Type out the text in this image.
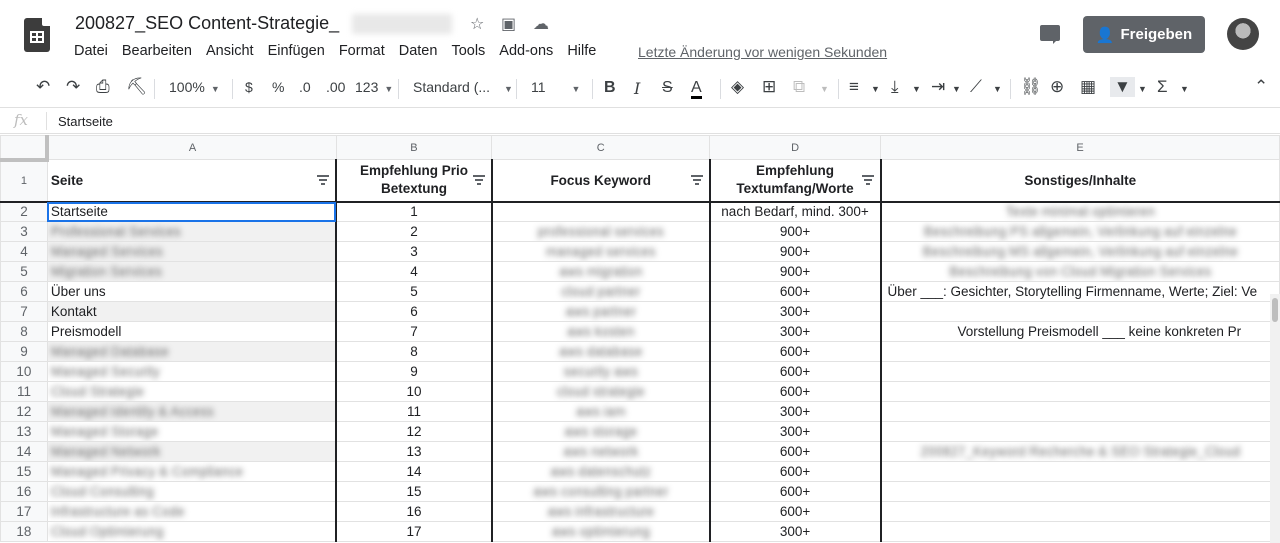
200827_SEO Content-Strategie_	☆ ▣ ☁
Datei Bearbeiten Ansicht Einfügen Format Daten Tools Add-ons Hilfe	Letzte Änderung vor wenigen Sekunden
👤 Freigeben
↶ ↷ ⎙ ⛏ 100% ▼ $ % .0 .00 123 ▼ Standard (... ▼ 11	▼ B I S A ◈ ⊞ ⧉ ▼ ≡ ▼ ⤓ ▼ ⇥ ▼ ⟋ ▼ ⛓ ⊕ ▦ ▼ ▼ Σ ▼	⌃
fx Startseite
	A	B	C	D	E
1	Seite	Empfehlung Prio Betextung	Focus Keyword	Empfehlung Textumfang/Worte	Sonstiges/Inhalte
2	Startseite	1		nach Bedarf, mind. 300+	Texte minimal optimieren
3	Professional Services	2	professional services	900+	Beschreibung PS allgemein, Verlinkung auf einzelne
4	Managed Services	3	managed services	900+	Beschreibung MS allgemein, Verlinkung auf einzelne
5	Migration Services	4	aws migration	900+	Beschreibung von Cloud Migration Services
6	Über uns	5	cloud partner	600+	Über ___: Gesichter, Storytelling Firmenname, Werte; Ziel: Ve
7	Kontakt	6	aws partner	300+	
8	Preismodell	7	aws kosten	300+	Vorstellung Preismodell ___ keine konkreten Pr
9	Managed Database	8	aws database	600+	
10	Managed Security	9	security aws	600+	
11	Cloud Strategie	10	cloud strategie	600+	
12	Managed Identity & Access	11	aws iam	300+	
13	Managed Storage	12	aws storage	300+	
14	Managed Network	13	aws network	600+	200827_Keyword Recherche & SEO Strategie_Cloud
15	Managed Privacy & Compliance	14	aws datenschutz	600+	
16	Cloud Consulting	15	aws consulting partner	600+	
17	Infrastructure as Code	16	aws infrastructure	600+	
18	Cloud Optimierung	17	aws optimierung	300+	
